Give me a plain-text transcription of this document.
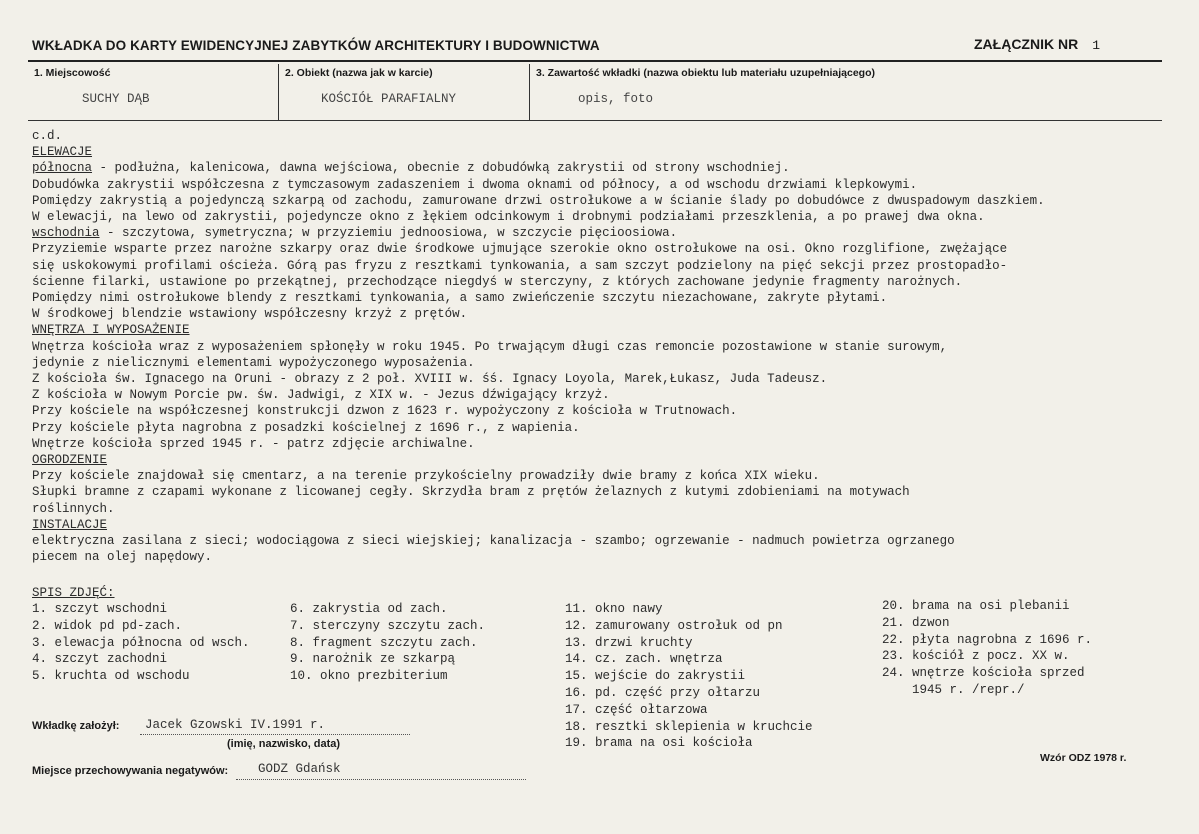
WKŁADKA DO KARTY EWIDENCYJNEJ ZABYTKÓW ARCHITEKTURY I BUDOWNICTWA	ZAŁĄCZNIK NR 1
1. Miejscowość
SUCHY DĄB
2. Obiekt (nazwa jak w karcie)
KOŚCIÓŁ PARAFIALNY
3. Zawartość wkładki (nazwa obiektu lub materiału uzupełniającego)
opis, foto
c.d.
ELEWACJE
północna - podłużna, kalenicowa, dawna wejściowa, obecnie z dobudówką zakrystii od strony wschodniej.
Dobudówka zakrystii współczesna z tymczasowym zadaszeniem i dwoma oknami od północy, a od wschodu drzwiami klepkowymi.
Pomiędzy zakrystią a pojedynczą szkarpą od zachodu, zamurowane drzwi ostrołukowe a w ścianie ślady po dobudówce z dwuspadowym daszkiem.
W elewacji, na lewo od zakrystii, pojedyncze okno z łękiem odcinkowym i drobnymi podziałami przeszklenia, a po prawej dwa okna.
wschodnia - szczytowa, symetryczna; w przyziemiu jednoosiowa, w szczycie pięcioosiowa.
Przyziemie wsparte przez narożne szkarpy oraz dwie środkowe ujmujące szerokie okno ostrołukowe na osi. Okno rozglifione, zwężające
się uskokowymi profilami ościeża. Górą pas fryzu z resztkami tynkowania, a sam szczyt podzielony na pięć sekcji przez prostopadło-
ścienne filarki, ustawione po przekątnej, przechodzące niegdyś w sterczyny, z których zachowane jedynie fragmenty narożnych.
Pomiędzy nimi ostrołukowe blendy z resztkami tynkowania, a samo zwieńczenie szczytu niezachowane, zakryte płytami.
W środkowej blendzie wstawiony współczesny krzyż z prętów.
WNĘTRZA I WYPOSAŻENIE
Wnętrza kościoła wraz z wyposażeniem spłonęły w roku 1945. Po trwającym długi czas remoncie pozostawione w stanie surowym,
jedynie z nielicznymi elementami wypożyczonego wyposażenia.
Z kościoła św. Ignacego na Oruni - obrazy z 2 poł. XVIII w. śś. Ignacy Loyola, Marek,Łukasz, Juda Tadeusz.
Z kościoła w Nowym Porcie pw. św. Jadwigi, z XIX w. - Jezus dźwigający krzyż.
Przy kościele na współczesnej konstrukcji dzwon z 1623 r. wypożyczony z kościoła w Trutnowach.
Przy kościele płyta nagrobna z posadzki kościelnej z 1696 r., z wapienia.
Wnętrze kościoła sprzed 1945 r. - patrz zdjęcie archiwalne.
OGRODZENIE
Przy kościele znajdował się cmentarz, a na terenie przykościelny prowadziły dwie bramy z końca XIX wieku.
Słupki bramne z czapami wykonane z licowanej cegły. Skrzydła bram z prętów żelaznych z kutymi zdobieniami na motywach
roślinnych.
INSTALACJE
elektryczna zasilana z sieci; wodociągowa z sieci wiejskiej; kanalizacja - szambo; ogrzewanie - nadmuch powietrza ogrzanego
piecem na olej napędowy.
SPIS ZDJĘĆ:
1. szczyt wschodni
2. widok pd pd-zach.
3. elewacja północna od wsch.
4. szczyt zachodni
5. kruchta od wschodu
6. zakrystia od zach.
7. sterczyny szczytu zach.
8. fragment szczytu zach.
9. narożnik ze szkarpą
10. okno prezbiterium
11. okno nawy
12. zamurowany ostrołuk od pn
13. drzwi kruchty
14. cz. zach. wnętrza
15. wejście do zakrystii
16. pd. część przy ołtarzu
17. część ołtarzowa
18. resztki sklepienia w kruchcie
19. brama na osi kościoła
20. brama na osi plebanii
21. dzwon
22. płyta nagrobna z 1696 r.
23. kościół z pocz. XX w.
24. wnętrze kościoła sprzed
1945 r. /repr./
Wkładkę założył: Jacek Gzowski IV.1991 r.
(imię, nazwisko, data)
Miejsce przechowywania negatywów: GODZ Gdańsk
Wzór ODZ 1978 r.
